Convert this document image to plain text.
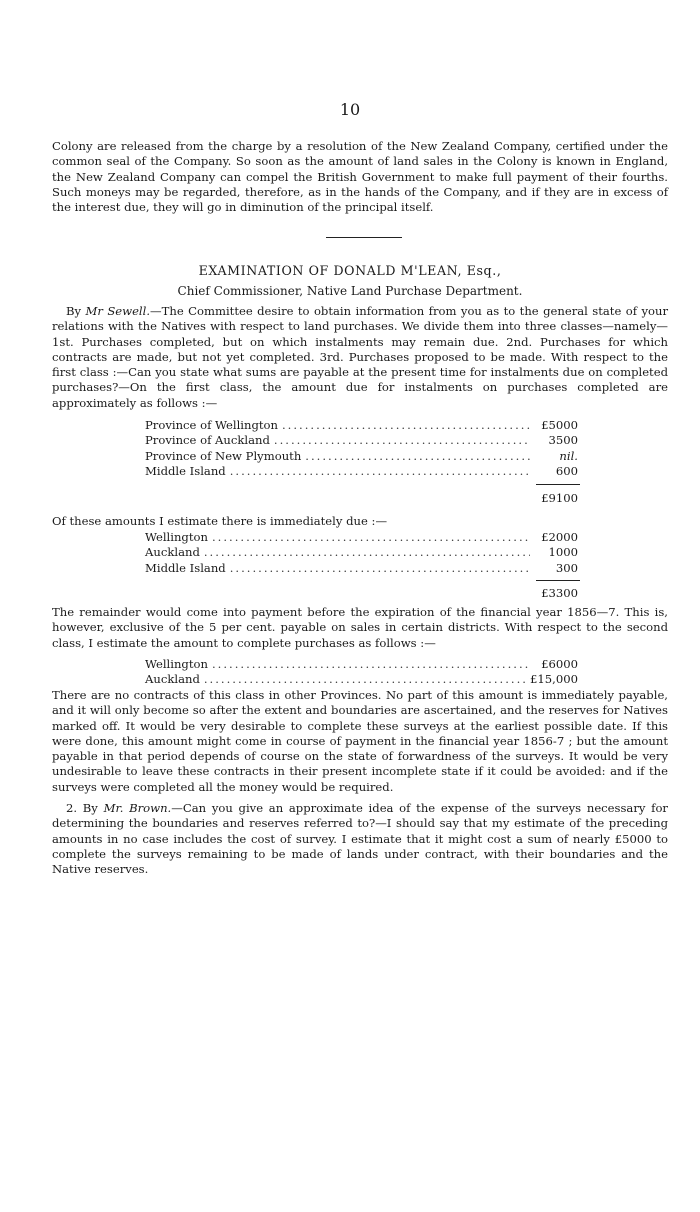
10
Colony are released from the charge by a resolution of the New Zealand Company, certified under the common seal of the Company. So soon as the amount of land sales in the Colony is known in England, the New Zealand Company can compel the British Government to make full payment of their fourths. Such moneys may be regarded, therefore, as in the hands of the Company, and if they are in excess of the interest due, they will go in diminution of the principal itself.
EXAMINATION OF DONALD M'LEAN, Esq.,
Chief Commissioner, Native Land Purchase Department.
By Mr Sewell.—The Committee desire to obtain information from you as to the general state of your relations with the Natives with respect to land purchases. We divide them into three classes—namely—1st. Purchases completed, but on which instalments may remain due. 2nd. Purchases for which contracts are made, but not yet completed. 3rd. Purchases proposed to be made. With respect to the first class :—Can you state what sums are payable at the present time for instalments due on completed purchases?—On the first class, the amount due for instalments on purchases completed are approximately as follows :—
Province of Wellington .....	£5000
Province of Auckland .....	3500
Province of New Plymouth .....	nil.
Middle Island .....	600
£9100
Of these amounts I estimate there is immediately due :—
Wellington .....	£2000
Auckland .....	1000
Middle Island .....	300
£3300
The remainder would come into payment before the expiration of the financial year 1856—7. This is, however, exclusive of the 5 per cent. payable on sales in certain districts. With respect to the second class, I estimate the amount to complete purchases as follows :—
Wellington .....	£6000
Auckland .....	£15,000
There are no contracts of this class in other Provinces. No part of this amount is immediately payable, and it will only become so after the extent and boundaries are ascertained, and the reserves for Natives marked off. It would be very desirable to complete these surveys at the earliest possible date. If this were done, this amount might come in course of payment in the financial year 1856-7 ; but the amount payable in that period depends of course on the state of forwardness of the surveys. It would be very undesirable to leave these contracts in their present incomplete state if it could be avoided: and if the surveys were completed all the money would be required.
2. By Mr. Brown.—Can you give an approximate idea of the expense of the surveys necessary for determining the boundaries and reserves referred to?—I should say that my estimate of the preceding amounts in no case includes the cost of survey. I estimate that it might cost a sum of nearly £5000 to complete the surveys remaining to be made of lands under contract, with their boundaries and the Native reserves.
